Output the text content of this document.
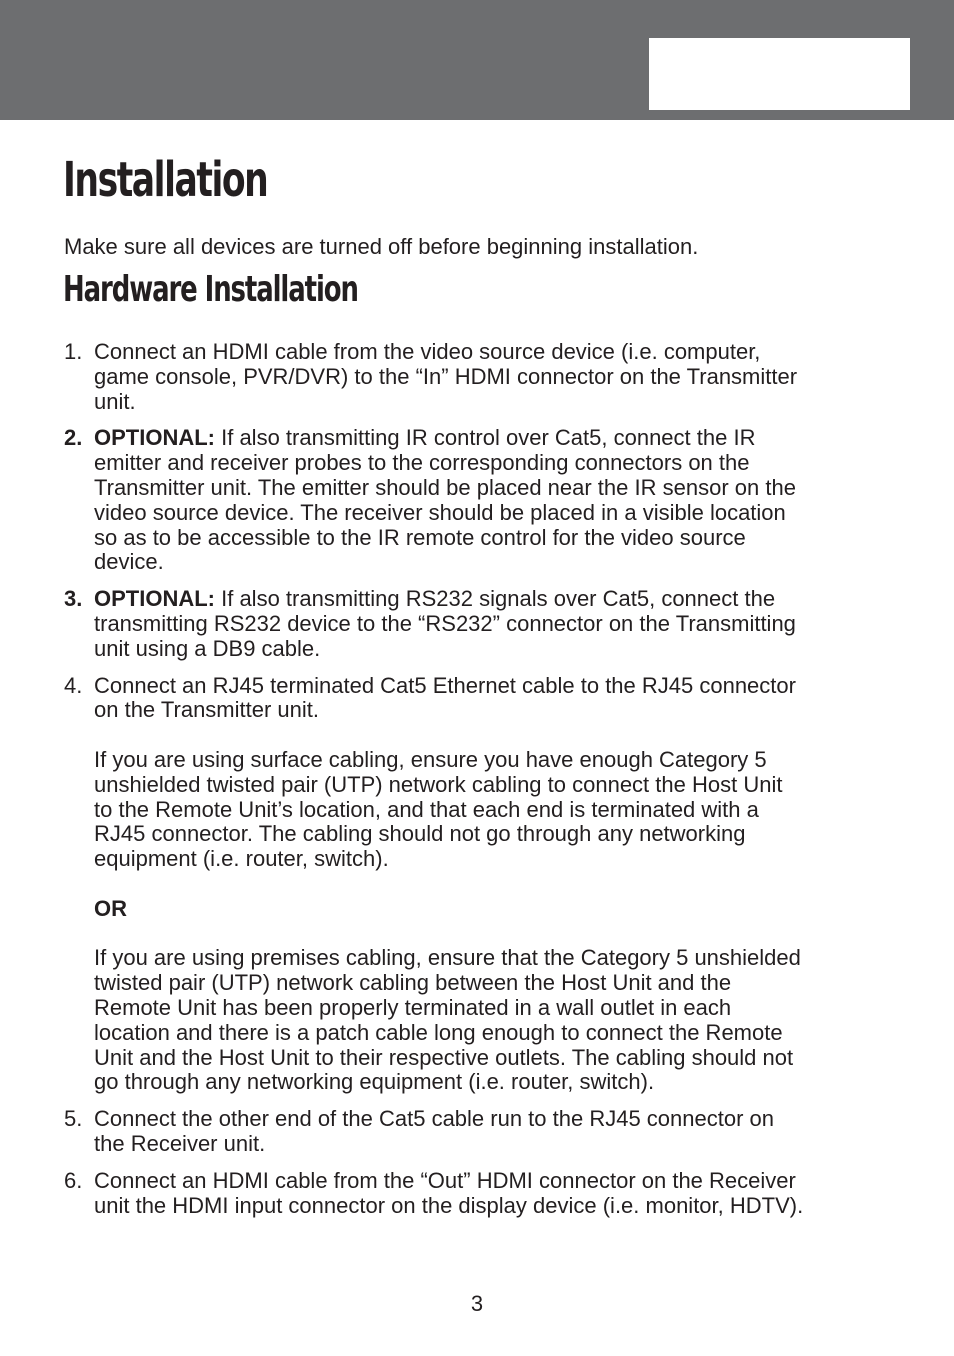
Installation

Make sure all devices are turned off before beginning installation.

Hardware Installation
1. Connect an HDMI cable from the video source device (i.e. computer,
game console, PVR/DVR) to the “In” HDMI connector on the Transmitter
unit.
2. OPTIONAL: If also transmitting IR control over Cat5, connect the IR
emitter and receiver probes to the corresponding connectors on the
Transmitter unit. The emitter should be placed near the IR sensor on the
video source device. The receiver should be placed in a visible location
so as to be accessible to the IR remote control for the video source
device.
3. OPTIONAL: If also transmitting RS232 signals over Cat5, connect the
transmitting RS232 device to the “RS232” connector on the Transmitting
unit using a DB9 cable.
4. Connect an RJ45 terminated Cat5 Ethernet cable to the RJ45 connector
on the Transmitter unit.
If you are using surface cabling, ensure you have enough Category 5
unshielded twisted pair (UTP) network cabling to connect the Host Unit
to the Remote Unit’s location, and that each end is terminated with a
RJ45 connector. The cabling should not go through any networking
equipment (i.e. router, switch).
OR
If you are using premises cabling, ensure that the Category 5 unshielded
twisted pair (UTP) network cabling between the Host Unit and the
Remote Unit has been properly terminated in a wall outlet in each
location and there is a patch cable long enough to connect the Remote
Unit and the Host Unit to their respective outlets. The cabling should not
go through any networking equipment (i.e. router, switch).
5. Connect the other end of the Cat5 cable run to the RJ45 connector on
the Receiver unit.
6. Connect an HDMI cable from the “Out” HDMI connector on the Receiver
unit the HDMI input connector on the display device (i.e. monitor, HDTV).
3
